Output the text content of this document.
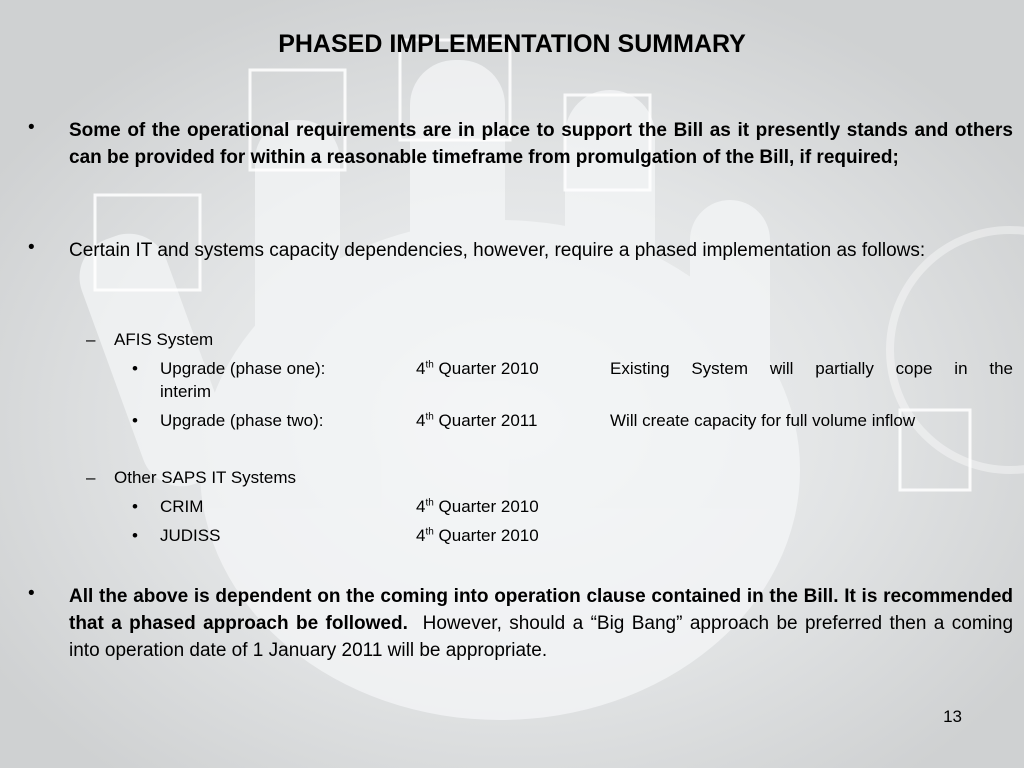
PHASED IMPLEMENTATION SUMMARY
• Some of the operational requirements are in place to support the Bill as it presently stands and others can be provided for within a reasonable timeframe from promulgation of the Bill, if required;
• Certain IT and systems capacity dependencies, however, require a phased implementation as follows:
– AFIS System
• Upgrade (phase one):	4th Quarter 2010	Existing System will partially cope in the
interim
• Upgrade (phase two):	4th Quarter 2011	Will create capacity for full volume inflow
– Other SAPS IT Systems
• CRIM	4th Quarter 2010
• JUDISS	4th Quarter 2010
• All the above is dependent on the coming into operation clause contained in the Bill. It is recommended that a phased approach be followed.  However, should a “Big Bang” approach be preferred then a coming into operation date of 1 January 2011 will be appropriate.
13
